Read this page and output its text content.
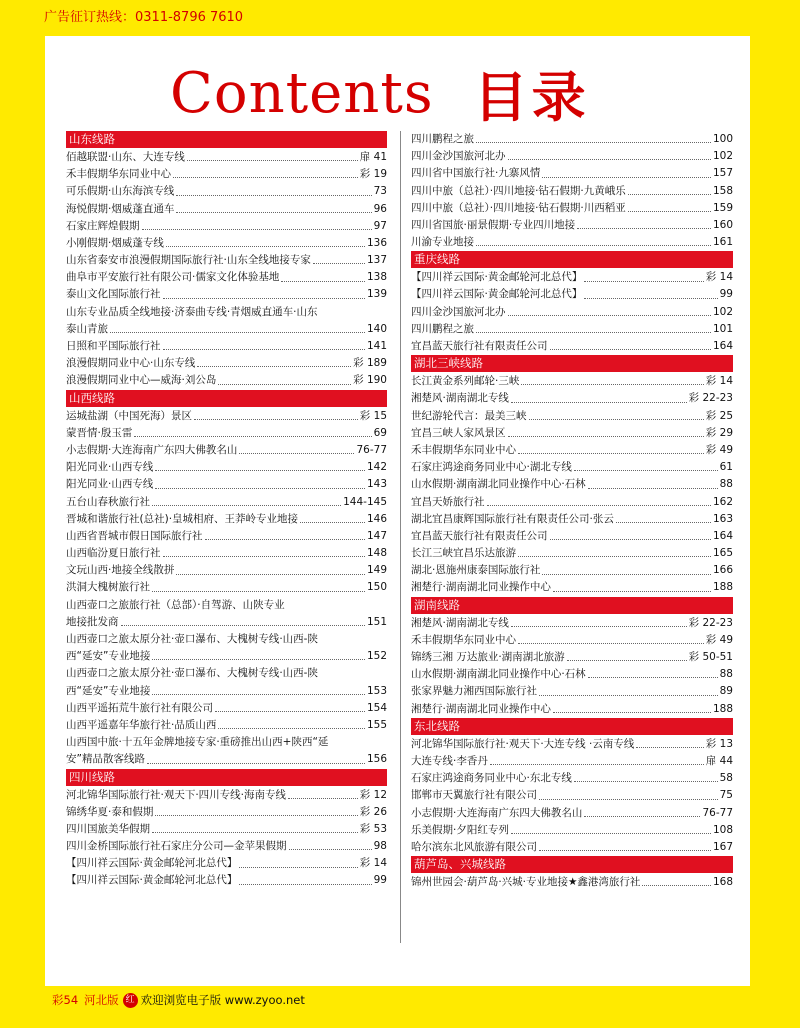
广告征订热线：0311-8796 7610
Contents 目录
山东线路
佰越联盟·山东、大连专线	扉 41
禾丰假期华东同业中心	彩 19
可乐假期·山东海滨专线	73
海悦假期·烟威蓬直通车	96
石家庄辉煌假期	97
小刚假期·烟威蓬专线	136
山东省泰安市浪漫假期国际旅行社·山东全线地接专家	137
曲阜市平安旅行社有限公司·儒家文化体验基地	138
泰山文化国际旅行社	139
山东专业品质全线地接·济泰曲专线·青烟威直通车·山东
泰山青旅	140
日照和平国际旅行社	141
浪漫假期同业中心·山东专线	彩 189
浪漫假期同业中心—威海·刘公岛	彩 190
山西线路
运城盐湖（中国死海）景区	彩 15
蒙晋情·殷玉雷	69
小志假期·大连海南广东四大佛教名山	76-77
阳光同业·山西专线	142
阳光同业·山西专线	143
五台山春秋旅行社	144-145
晋城和谐旅行社(总社)·皇城相府、王莽岭专业地接	146
山西省晋城市假日国际旅行社	147
山西临汾夏日旅行社	148
文玩山西·地接全线散拼	149
洪洞大槐树旅行社	150
山西壶口之旅旅行社（总部）·自驾游、山陕专业
地接批发商	151
山西壶口之旅太原分社·壶口瀑布、大槐树专线·山西-陕
西“延安”专业地接	152
山西壶口之旅太原分社·壶口瀑布、大槐树专线·山西-陕
西“延安”专业地接	153
山西平遥拓荒牛旅行社有限公司	154
山西平遥嘉年华旅行社·品质山西	155
山西国中旅·十五年金牌地接专家·重磅推出山西+陕西“延
安”精品散客线路	156
四川线路
河北锦华国际旅行社·观天下·四川专线·海南专线	彩 12
锦绣华夏·泰和假期	彩 26
四川国旅美华假期	彩 53
四川金桥国际旅行社石家庄分公司—金苹果假期	98
【四川祥云国际·黄金邮轮河北总代】	彩 14
【四川祥云国际·黄金邮轮河北总代】	99
四川鹏程之旅	100
四川金沙国旅河北办	102
四川省中国旅行社·九寨风情	157
四川中旅（总社）·四川地接·钻石假期·九黄峨乐	158
四川中旅（总社）·四川地接·钻石假期·川西稻亚	159
四川省国旅·丽景假期·专业四川地接	160
川渝专业地接	161
重庆线路
【四川祥云国际·黄金邮轮河北总代】	彩 14
【四川祥云国际·黄金邮轮河北总代】	99
四川金沙国旅河北办	102
四川鹏程之旅	101
宜昌蓝天旅行社有限责任公司	164
湖北三峡线路
长江黄金系列邮轮·三峡	彩 14
湘楚风·湖南湖北专线	彩 22-23
世纪游轮代言：最美三峡	彩 25
宜昌三峡人家风景区	彩 29
禾丰假期华东同业中心	彩 49
石家庄鸿途商务同业中心·湖北专线	61
山水假期·湖南湖北同业操作中心·石林	88
宜昌天娇旅行社	162
湖北宜昌康辉国际旅行社有限责任公司·张云	163
宜昌蓝天旅行社有限责任公司	164
长江三峡宜昌乐达旅游	165
湖北·恩施州康泰国际旅行社	166
湘楚行·湖南湖北同业操作中心	188
湖南线路
湘楚风·湖南湖北专线	彩 22-23
禾丰假期华东同业中心	彩 49
锦绣三湘 万达旅业·湖南湖北旅游	彩 50-51
山水假期·湖南湖北同业操作中心·石林	88
张家界魅力湘西国际旅行社	89
湘楚行·湖南湖北同业操作中心	188
东北线路
河北锦华国际旅行社·观天下·大连专线 ·云南专线	彩 13
大连专线·李香丹	扉 44
石家庄鸿途商务同业中心·东北专线	58
邯郸市天翼旅行社有限公司	75
小志假期·大连海南广东四大佛教名山	76-77
乐美假期·夕阳红专列	108
哈尔滨东北风旅游有限公司	167
葫芦岛、兴城线路
锦州世园会·葫芦岛·兴城·专业地接★鑫港湾旅行社	168
彩54 河北版 红 欢迎浏览电子版 www.zyoo.net
